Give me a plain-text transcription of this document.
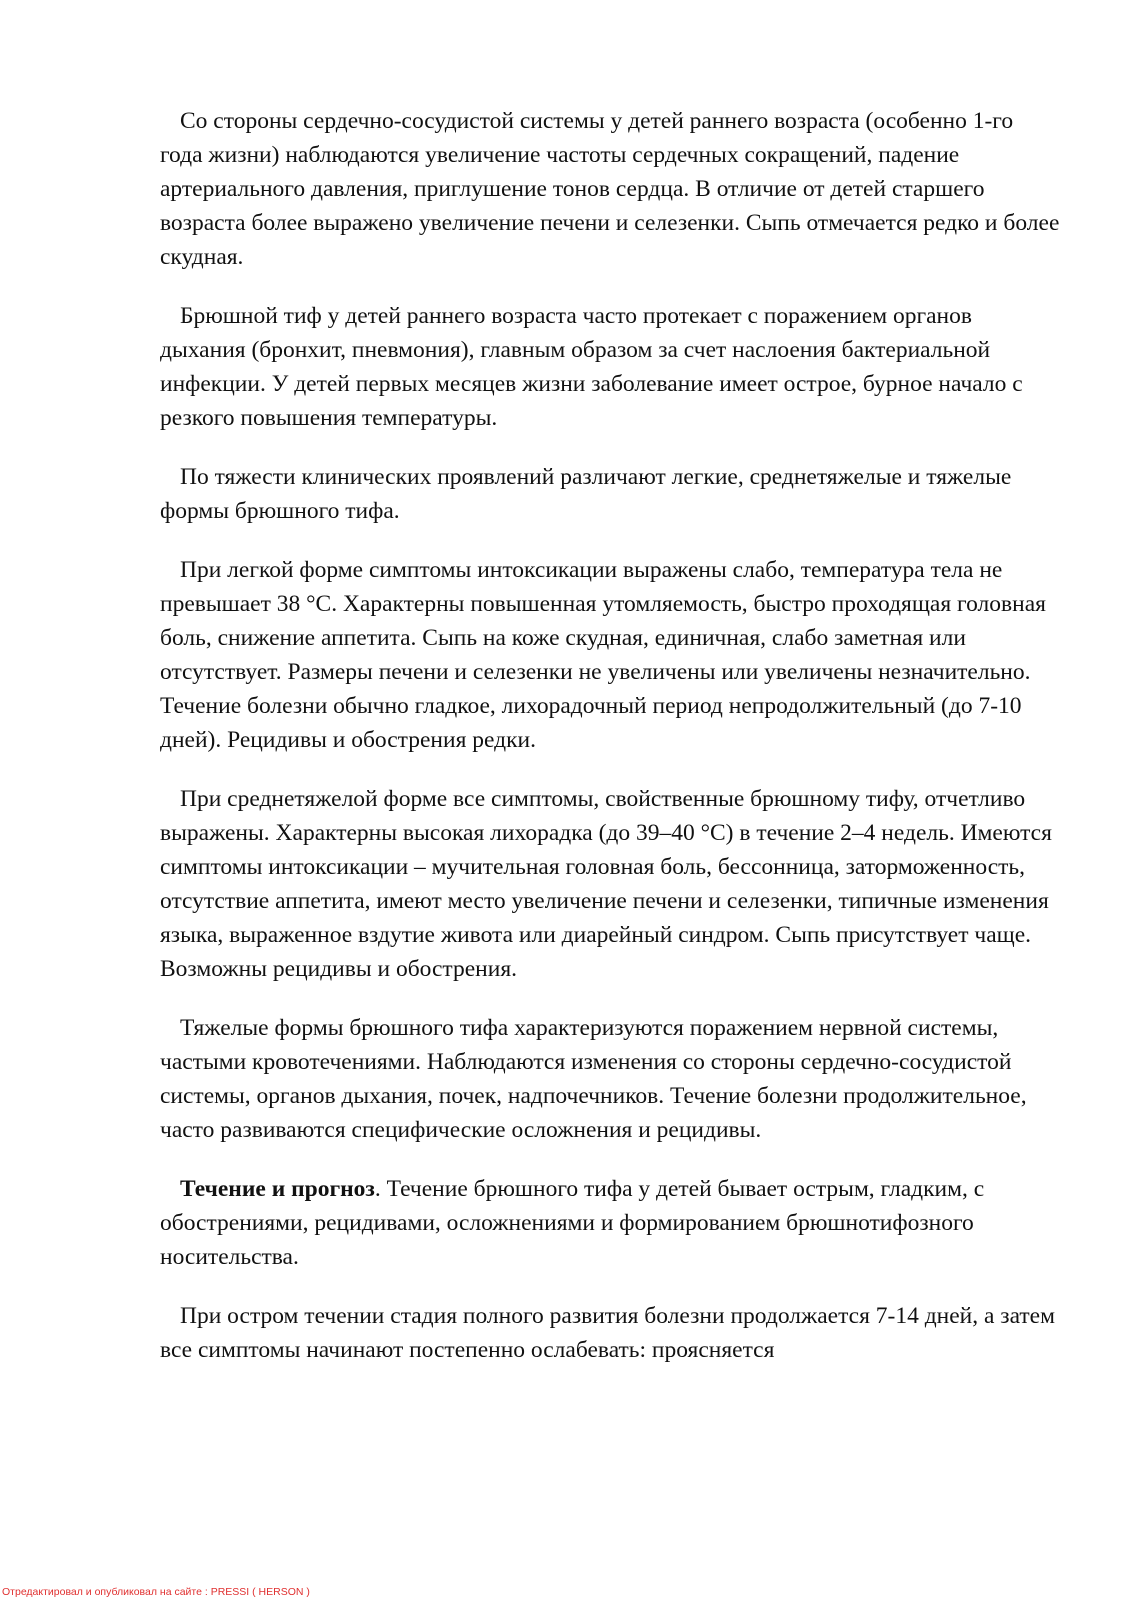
Со стороны сердечно-сосудистой системы у детей раннего возраста (особенно 1-го года жизни) наблюдаются увеличение частоты сердечных сокращений, падение артериального давления, приглушение тонов сердца. В отличие от детей старшего возраста более выражено увеличение печени и селезенки. Сыпь отмечается редко и более скудная.

Брюшной тиф у детей раннего возраста часто протекает с поражением органов дыхания (бронхит, пневмония), главным образом за счет наслоения бактериальной инфекции. У детей первых месяцев жизни заболевание имеет острое, бурное начало с резкого повышения температуры.

По тяжести клинических проявлений различают легкие, среднетяжелые и тяжелые формы брюшного тифа.

При легкой форме симптомы интоксикации выражены слабо, температура тела не превышает 38 °С. Характерны повышенная утомляемость, быстро проходящая головная боль, снижение аппетита. Сыпь на коже скудная, единичная, слабо заметная или отсутствует. Размеры печени и селезенки не увеличены или увеличены незначительно. Течение болезни обычно гладкое, лихорадочный период непродолжительный (до 7-10 дней). Рецидивы и обострения редки.

При среднетяжелой форме все симптомы, свойственные брюшному тифу, отчетливо выражены. Характерны высокая лихорадка (до 39–40 °С) в течение 2–4 недель. Имеются симптомы интоксикации – мучительная головная боль, бессонница, заторможенность, отсутствие аппетита, имеют место увеличение печени и селезенки, типичные изменения языка, выраженное вздутие живота или диарейный синдром. Сыпь присутствует чаще. Возможны рецидивы и обострения.

Тяжелые формы брюшного тифа характеризуются поражением нервной системы, частыми кровотечениями. Наблюдаются изменения со стороны сердечно-сосудистой системы, органов дыхания, почек, надпочечников. Течение болезни продолжительное, часто развиваются специфические осложнения и рецидивы.

Течение и прогноз. Течение брюшного тифа у детей бывает острым, гладким, с обострениями, рецидивами, осложнениями и формированием брюшнотифозного носительства.

При остром течении стадия полного развития болезни продолжается 7-14 дней, а затем все симптомы начинают постепенно ослабевать: проясняется

Отредактировал и опубликовал на сайте : PRESSI ( HERSON )
